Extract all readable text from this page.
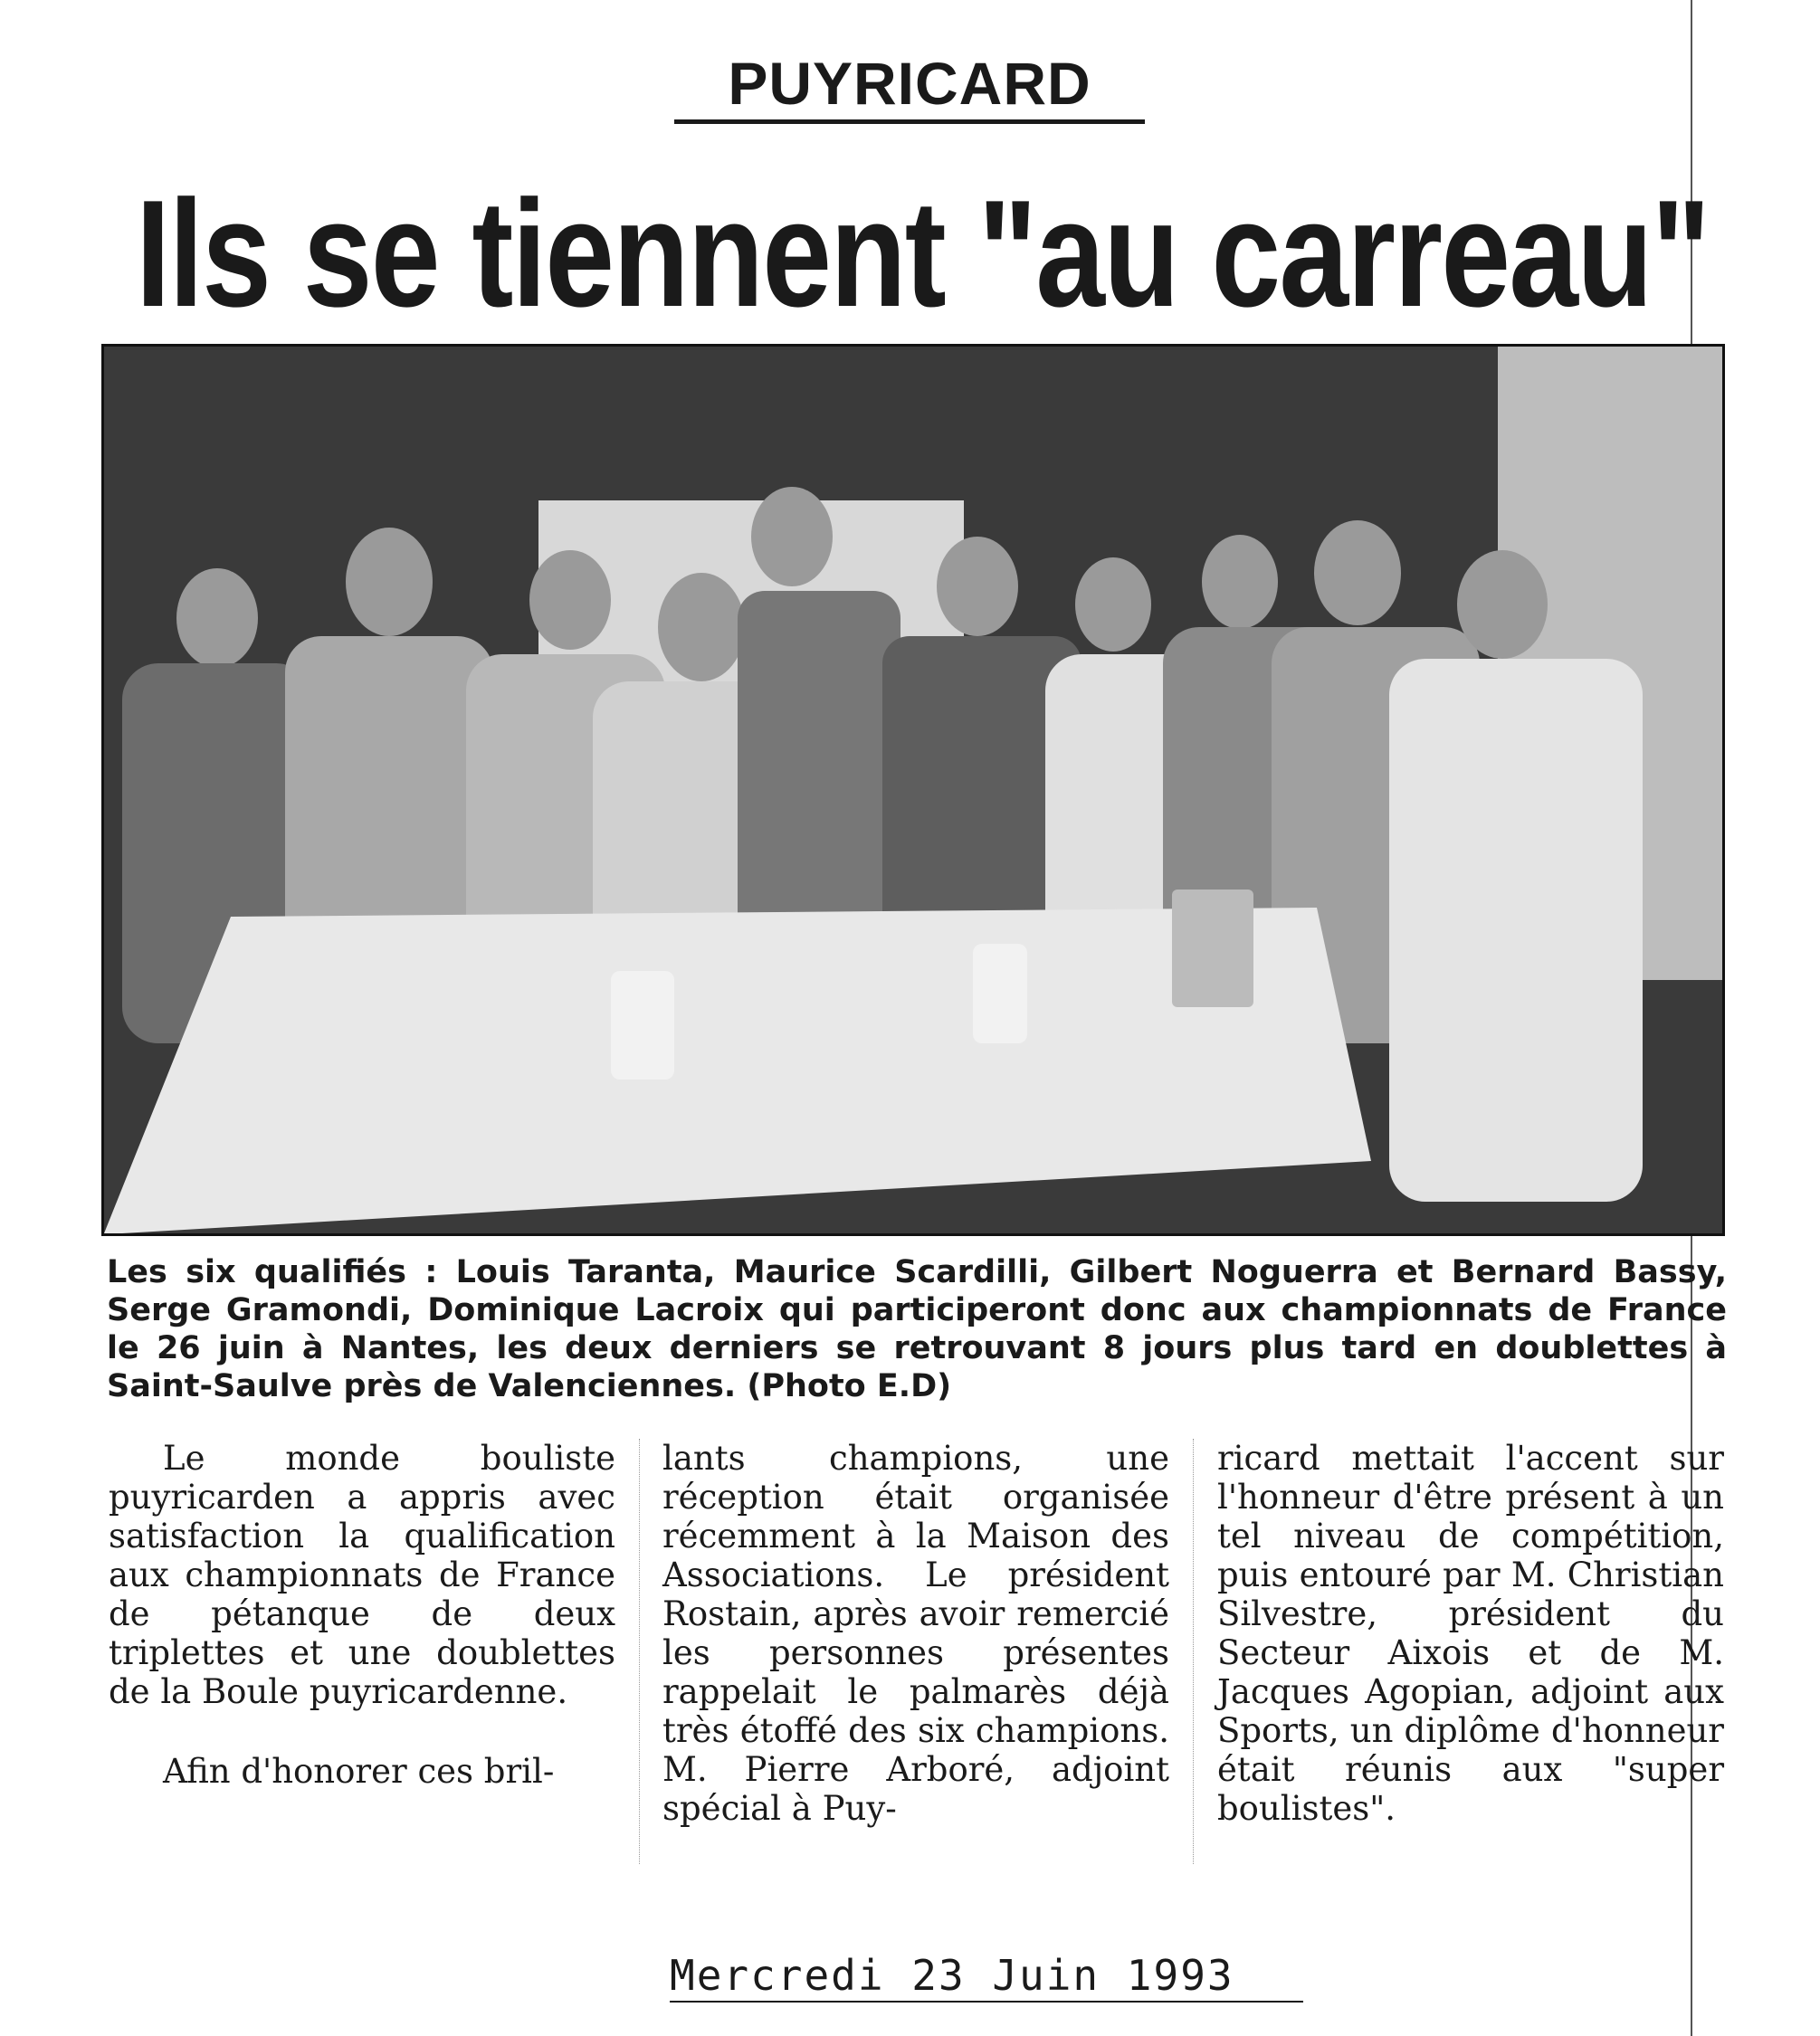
PUYRICARD
Ils se tiennent "au carreau"
Les six qualifiés : Louis Taranta, Maurice Scardilli, Gilbert Noguerra et Bernard Bassy, Serge Gramondi, Dominique Lacroix qui participeront donc aux championnats de France le 26 juin à Nantes, les deux derniers se retrouvant 8 jours plus tard en doublettes à Saint-Saulve près de Valenciennes. (Photo E.D)

Le monde bouliste puyricarden a appris avec satisfaction la qualification aux championnats de France de pétanque de deux triplettes et une doublettes de la Boule puyricardenne.

Afin d'honorer ces bril-

lants champions, une réception était organisée récemment à la Maison des Associations. Le président Rostain, après avoir remercié les personnes présentes rappelait le palmarès déjà très étoffé des six champions. M. Pierre Arboré, adjoint spécial à Puy-

ricard mettait l'accent sur l'honneur d'être présent à un tel niveau de compétition, puis entouré par M. Christian Silvestre, président du Secteur Aixois et de M. Jacques Agopian, adjoint aux Sports, un diplôme d'honneur était réunis aux "super boulistes".

Mercredi 23 Juin 1993
